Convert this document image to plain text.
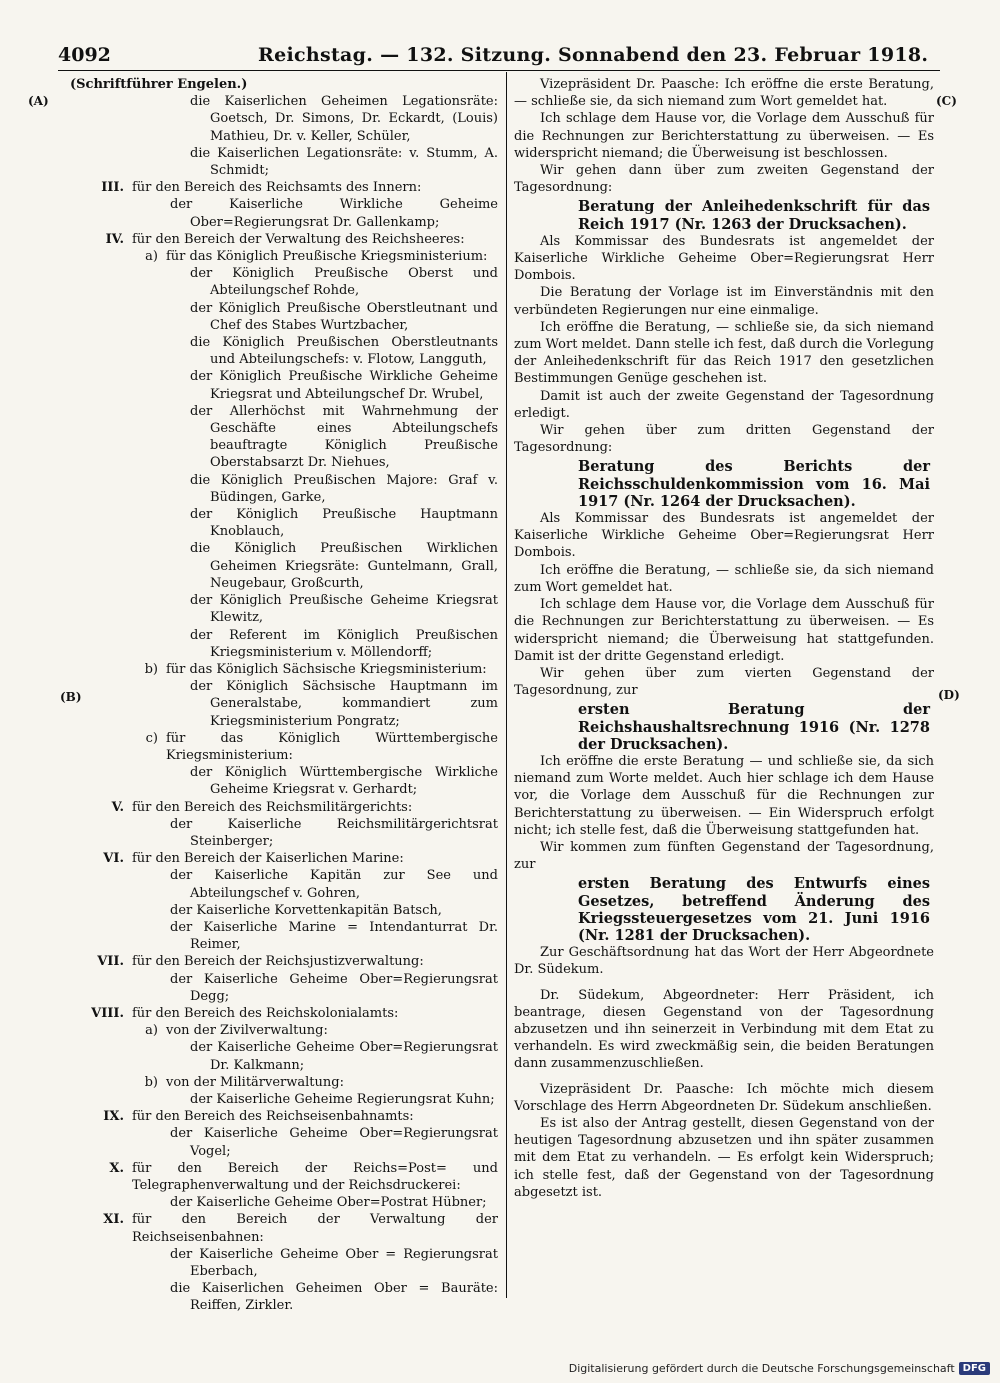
4092	Reichstag. — 132. Sitzung. Sonnabend den 23. Februar 1918.
(A)
(B)
(C)
(D)
(Schriftführer Engelen.)
die Kaiserlichen Geheimen Legationsräte: Goetsch, Dr. Simons, Dr. Eckardt, (Louis) Mathieu, Dr. v. Keller, Schüler,
die Kaiserlichen Legationsräte: v. Stumm, A. Schmidt;
III. für den Bereich des Reichsamts des Innern:
der Kaiserliche Wirkliche Geheime Ober=Regierungsrat Dr. Gallenkamp;
IV. für den Bereich der Verwaltung des Reichsheeres:
a) für das Königlich Preußische Kriegsministerium:
der Königlich Preußische Oberst und Abteilungschef Rohde,
der Königlich Preußische Oberstleutnant und Chef des Stabes Wurtzbacher,
die Königlich Preußischen Oberstleutnants und Abteilungschefs: v. Flotow, Langguth,
der Königlich Preußische Wirkliche Geheime Kriegsrat und Abteilungschef Dr. Wrubel,
der Allerhöchst mit Wahrnehmung der Geschäfte eines Abteilungschefs beauftragte Königlich Preußische Oberstabsarzt Dr. Niehues,
die Königlich Preußischen Majore: Graf v. Büdingen, Garke,
der Königlich Preußische Hauptmann Knoblauch,
die Königlich Preußischen Wirklichen Geheimen Kriegsräte: Guntelmann, Grall, Neugebaur, Großcurth,
der Königlich Preußische Geheime Kriegsrat Klewitz,
der Referent im Königlich Preußischen Kriegsministerium v. Möllendorff;
b) für das Königlich Sächsische Kriegsministerium:
der Königlich Sächsische Hauptmann im Generalstabe, kommandiert zum Kriegsministerium Pongratz;
c) für das Königlich Württembergische Kriegsministerium:
der Königlich Württembergische Wirkliche Geheime Kriegsrat v. Gerhardt;
V. für den Bereich des Reichsmilitärgerichts:
der Kaiserliche Reichsmilitärgerichtsrat Steinberger;
VI. für den Bereich der Kaiserlichen Marine:
der Kaiserliche Kapitän zur See und Abteilungschef v. Gohren,
der Kaiserliche Korvettenkapitän Batsch,
der Kaiserliche Marine = Intendanturrat Dr. Reimer,
VII. für den Bereich der Reichsjustizverwaltung:
der Kaiserliche Geheime Ober=Regierungsrat Degg;
VIII. für den Bereich des Reichskolonialamts:
a) von der Zivilverwaltung:
der Kaiserliche Geheime Ober=Regierungsrat Dr. Kalkmann;
b) von der Militärverwaltung:
der Kaiserliche Geheime Regierungsrat Kuhn;
IX. für den Bereich des Reichseisenbahnamts:
der Kaiserliche Geheime Ober=Regierungsrat Vogel;
X. für den Bereich der Reichs=Post= und Telegraphenverwaltung und der Reichsdruckerei:
der Kaiserliche Geheime Ober=Postrat Hübner;
XI. für den Bereich der Verwaltung der Reichseisenbahnen:
der Kaiserliche Geheime Ober = Regierungsrat Eberbach,
die Kaiserlichen Geheimen Ober = Bauräte: Reiffen, Zirkler.
Vizepräsident Dr. Paasche: Ich eröffne die erste Beratung, — schließe sie, da sich niemand zum Wort gemeldet hat.
Ich schlage dem Hause vor, die Vorlage dem Ausschuß für die Rechnungen zur Berichterstattung zu überweisen. — Es widerspricht niemand; die Überweisung ist beschlossen.
Wir gehen dann über zum zweiten Gegenstand der Tagesordnung:
Beratung der Anleihedenkschrift für das Reich 1917 (Nr. 1263 der Drucksachen).
Als Kommissar des Bundesrats ist angemeldet der Kaiserliche Wirkliche Geheime Ober=Regierungsrat Herr Dombois.
Die Beratung der Vorlage ist im Einverständnis mit den verbündeten Regierungen nur eine einmalige.
Ich eröffne die Beratung, — schließe sie, da sich niemand zum Wort meldet. Dann stelle ich fest, daß durch die Vorlegung der Anleihedenkschrift für das Reich 1917 den gesetzlichen Bestimmungen Genüge geschehen ist.
Damit ist auch der zweite Gegenstand der Tagesordnung erledigt.
Wir gehen über zum dritten Gegenstand der Tagesordnung:
Beratung des Berichts der Reichsschuldenkommission vom 16. Mai 1917 (Nr. 1264 der Drucksachen).
Als Kommissar des Bundesrats ist angemeldet der Kaiserliche Wirkliche Geheime Ober=Regierungsrat Herr Dombois.
Ich eröffne die Beratung, — schließe sie, da sich niemand zum Wort gemeldet hat.
Ich schlage dem Hause vor, die Vorlage dem Ausschuß für die Rechnungen zur Berichterstattung zu überweisen. — Es widerspricht niemand; die Überweisung hat stattgefunden. Damit ist der dritte Gegenstand erledigt.
Wir gehen über zum vierten Gegenstand der Tagesordnung, zur
ersten Beratung der Reichshaushaltsrechnung 1916 (Nr. 1278 der Drucksachen).
Ich eröffne die erste Beratung — und schließe sie, da sich niemand zum Worte meldet. Auch hier schlage ich dem Hause vor, die Vorlage dem Ausschuß für die Rechnungen zur Berichterstattung zu überweisen. — Ein Widerspruch erfolgt nicht; ich stelle fest, daß die Überweisung stattgefunden hat.
Wir kommen zum fünften Gegenstand der Tagesordnung, zur
ersten Beratung des Entwurfs eines Gesetzes, betreffend Änderung des Kriegssteuergesetzes vom 21. Juni 1916 (Nr. 1281 der Drucksachen).
Zur Geschäftsordnung hat das Wort der Herr Abgeordnete Dr. Südekum.
Dr. Südekum, Abgeordneter: Herr Präsident, ich beantrage, diesen Gegenstand von der Tagesordnung abzusetzen und ihn seinerzeit in Verbindung mit dem Etat zu verhandeln. Es wird zweckmäßig sein, die beiden Beratungen dann zusammenzuschließen.
Vizepräsident Dr. Paasche: Ich möchte mich diesem Vorschlage des Herrn Abgeordneten Dr. Südekum anschließen.
Es ist also der Antrag gestellt, diesen Gegenstand von der heutigen Tagesordnung abzusetzen und ihn später zusammen mit dem Etat zu verhandeln. — Es erfolgt kein Widerspruch; ich stelle fest, daß der Gegenstand von der Tagesordnung abgesetzt ist.
Digitalisierung gefördert durch die Deutsche Forschungsgemeinschaft DFG
